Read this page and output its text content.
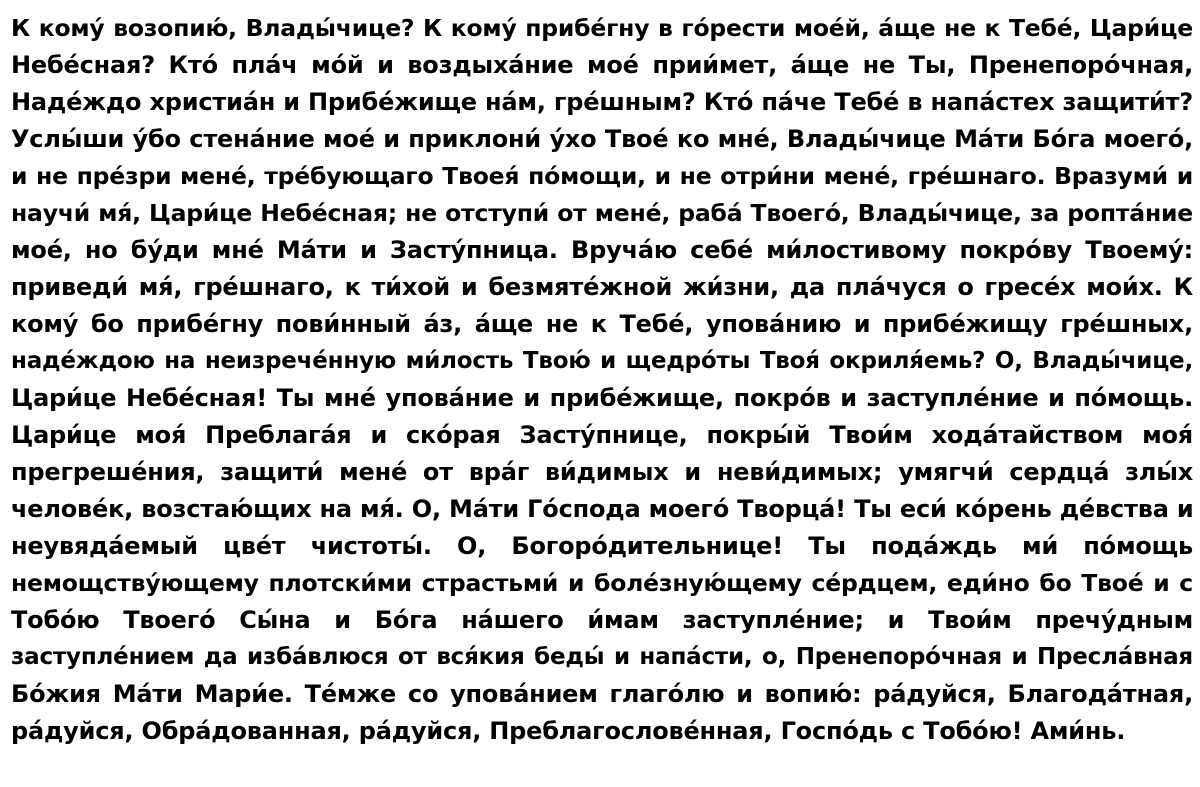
К кому́ возопию́, Влады́чице? К кому́ прибе́гну в го́рести мое́й, а́ще не к Тебе́, Цари́це
Небе́сная? Кто́ пла́ч мо́й и воздыха́ние мое́ прии́мет, а́ще не Ты, Пренепоро́чная,
Наде́ждо христиа́н и Прибе́жище на́м, гре́шным? Кто́ па́че Тебе́ в напа́стех защити́т?
Услы́ши у́бо стена́ние мое́ и приклони́ у́хо Твое́ ко мне́, Влады́чице Ма́ти Бо́га моего́,
и не пре́зри мене́, тре́бующаго Твоея́ по́мощи, и не отри́ни мене́, гре́шнаго. Вразуми́ и
научи́ мя́, Цари́це Небе́сная; не отступи́ от мене́, раба́ Твоего́, Влады́чице, за ропта́ние
мое́, но бу́ди мне́ Ма́ти и Засту́пница. Вруча́ю себе́ ми́лостивому покро́ву Твоему́:
приведи́ мя́, гре́шнаго, к ти́хой и безмяте́жной жи́зни, да пла́чуся о гресе́х мои́х. К
кому́ бо прибе́гну пови́нный а́з, а́ще не к Тебе́, упова́нию и прибе́жищу гре́шных,
наде́ждою на неизрече́нную ми́лость Твою́ и щедро́ты Твоя́ окриля́емь? О, Влады́чице,
Цари́це Небе́сная! Ты мне́ упова́ние и прибе́жище, покро́в и заступле́ние и по́мощь.
Цари́це моя́ Преблага́я и ско́рая Засту́пнице, покры́й Твои́м хода́тайством моя́
прегреше́ния, защити́ мене́ от вра́г ви́димых и неви́димых; умягчи́ сердца́ злы́х
челове́к, возстаю́щих на мя́. О, Ма́ти Го́спода моего́ Творца́! Ты еси́ ко́рень де́вства и
неувяда́емый цве́т чистоты́. О, Богоро́дительнице! Ты пода́ждь ми́ по́мощь
немощству́ющему плотски́ми страстьми́ и боле́зную́щему се́рдцем, еди́но бо Твое́ и с
Тобо́ю Твоего́ Сы́на и Бо́га на́шего и́мам заступле́ние; и Твои́м пречу́дным
заступле́нием да изба́влюся от вся́кия беды́ и напа́сти, о, Пренепоро́чная и Пресла́вная
Бо́жия Ма́ти Мари́е. Те́мже со упова́нием глаго́лю и вопию́: ра́дуйся, Благода́тная,
ра́дуйся, Обра́дованная, ра́дуйся, Преблагослове́нная, Госпо́дь с Тобо́ю! Ами́нь.
